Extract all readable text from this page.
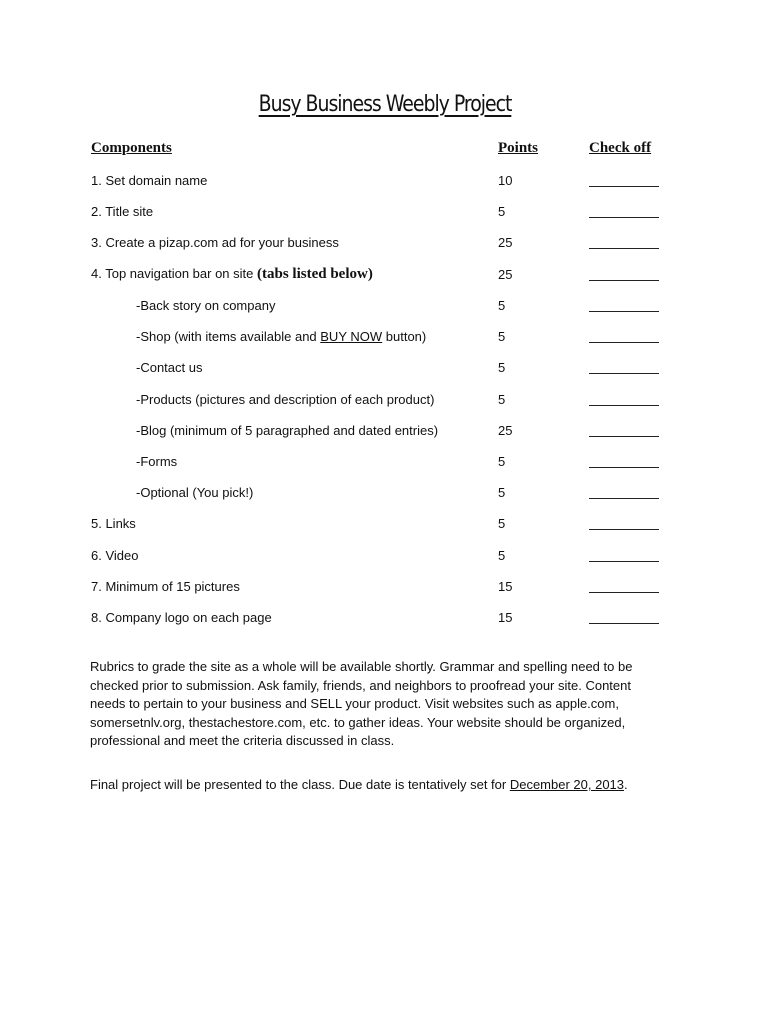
Busy Business Weebly Project
Components	Points	Check off
1. Set domain name	10
2. Title site	5
3. Create a pizap.com ad for your business	25
4. Top navigation bar on site (tabs listed below)	25
-Back story on company	5
-Shop (with items available and BUY NOW button)	5
-Contact us	5
-Products (pictures and description of each product)	5
-Blog (minimum of 5 paragraphed and dated entries)	25
-Forms	5
-Optional (You pick!)	5
5. Links	5
6. Video	5
7. Minimum of 15 pictures	15
8. Company logo on each page	15

Rubrics to grade the site as a whole will be available shortly. Grammar and spelling need to be checked prior to submission. Ask family, friends, and neighbors to proofread your site. Content needs to pertain to your business and SELL your product. Visit websites such as apple.com, somersetnlv.org, thestachestore.com, etc. to gather ideas. Your website should be organized, professional and meet the criteria discussed in class.

Final project will be presented to the class. Due date is tentatively set for December 20, 2013.
